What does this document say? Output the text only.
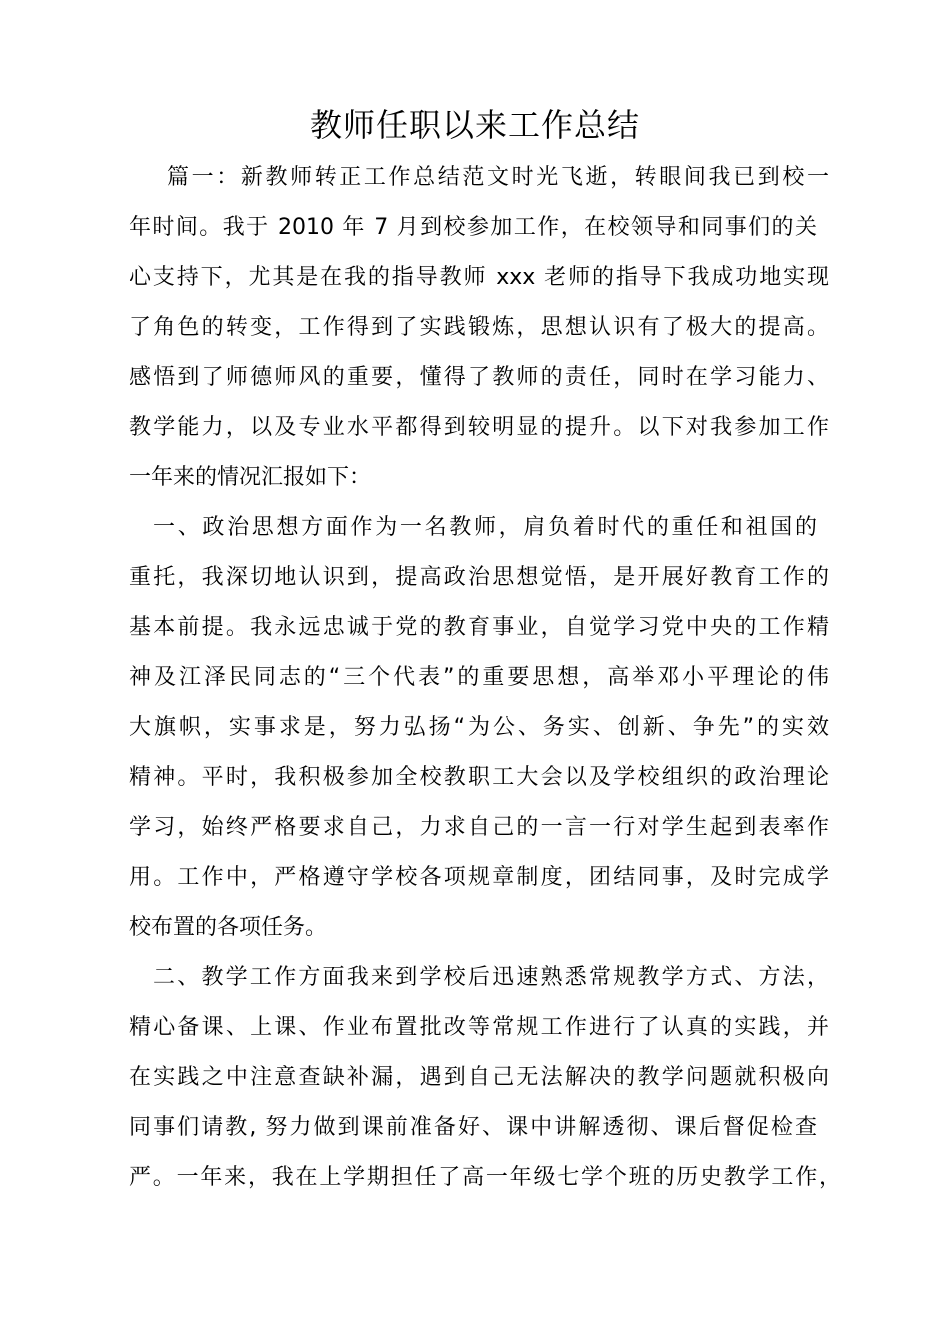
教师任职以来工作总结

篇一：新教师转正工作总结范文时光飞逝，转眼间我已到校一

年时间。我于 2010 年 7 月到校参加工作，在校领导和同事们的关

心支持下，尤其是在我的指导教师 xxx 老师的指导下我成功地实现

了角色的转变，工作得到了实践锻炼，思想认识有了极大的提高。

感悟到了师德师风的重要，懂得了教师的责任，同时在学习能力、

教学能力，以及专业水平都得到较明显的提升。以下对我参加工作

一年来的情况汇报如下：

一、政治思想方面作为一名教师，肩负着时代的重任和祖国的

重托，我深切地认识到，提高政治思想觉悟，是开展好教育工作的

基本前提。我永远忠诚于党的教育事业，自觉学习党中央的工作精

神及江泽民同志的“三个代表”的重要思想，高举邓小平理论的伟

大旗帜，实事求是，努力弘扬“为公、务实、创新、争先”的实效

精神。平时，我积极参加全校教职工大会以及学校组织的政治理论

学习，始终严格要求自己，力求自己的一言一行对学生起到表率作

用。工作中，严格遵守学校各项规章制度，团结同事，及时完成学

校布置的各项任务。

二、教学工作方面我来到学校后迅速熟悉常规教学方式、方法，

精心备课、上课、作业布置批改等常规工作进行了认真的实践，并

在实践之中注意查缺补漏，遇到自己无法解决的教学问题就积极向

同事们请教, 努力做到课前准备好、课中讲解透彻、课后督促检查

严。一年来，我在上学期担任了高一年级七学个班的历史教学工作，
